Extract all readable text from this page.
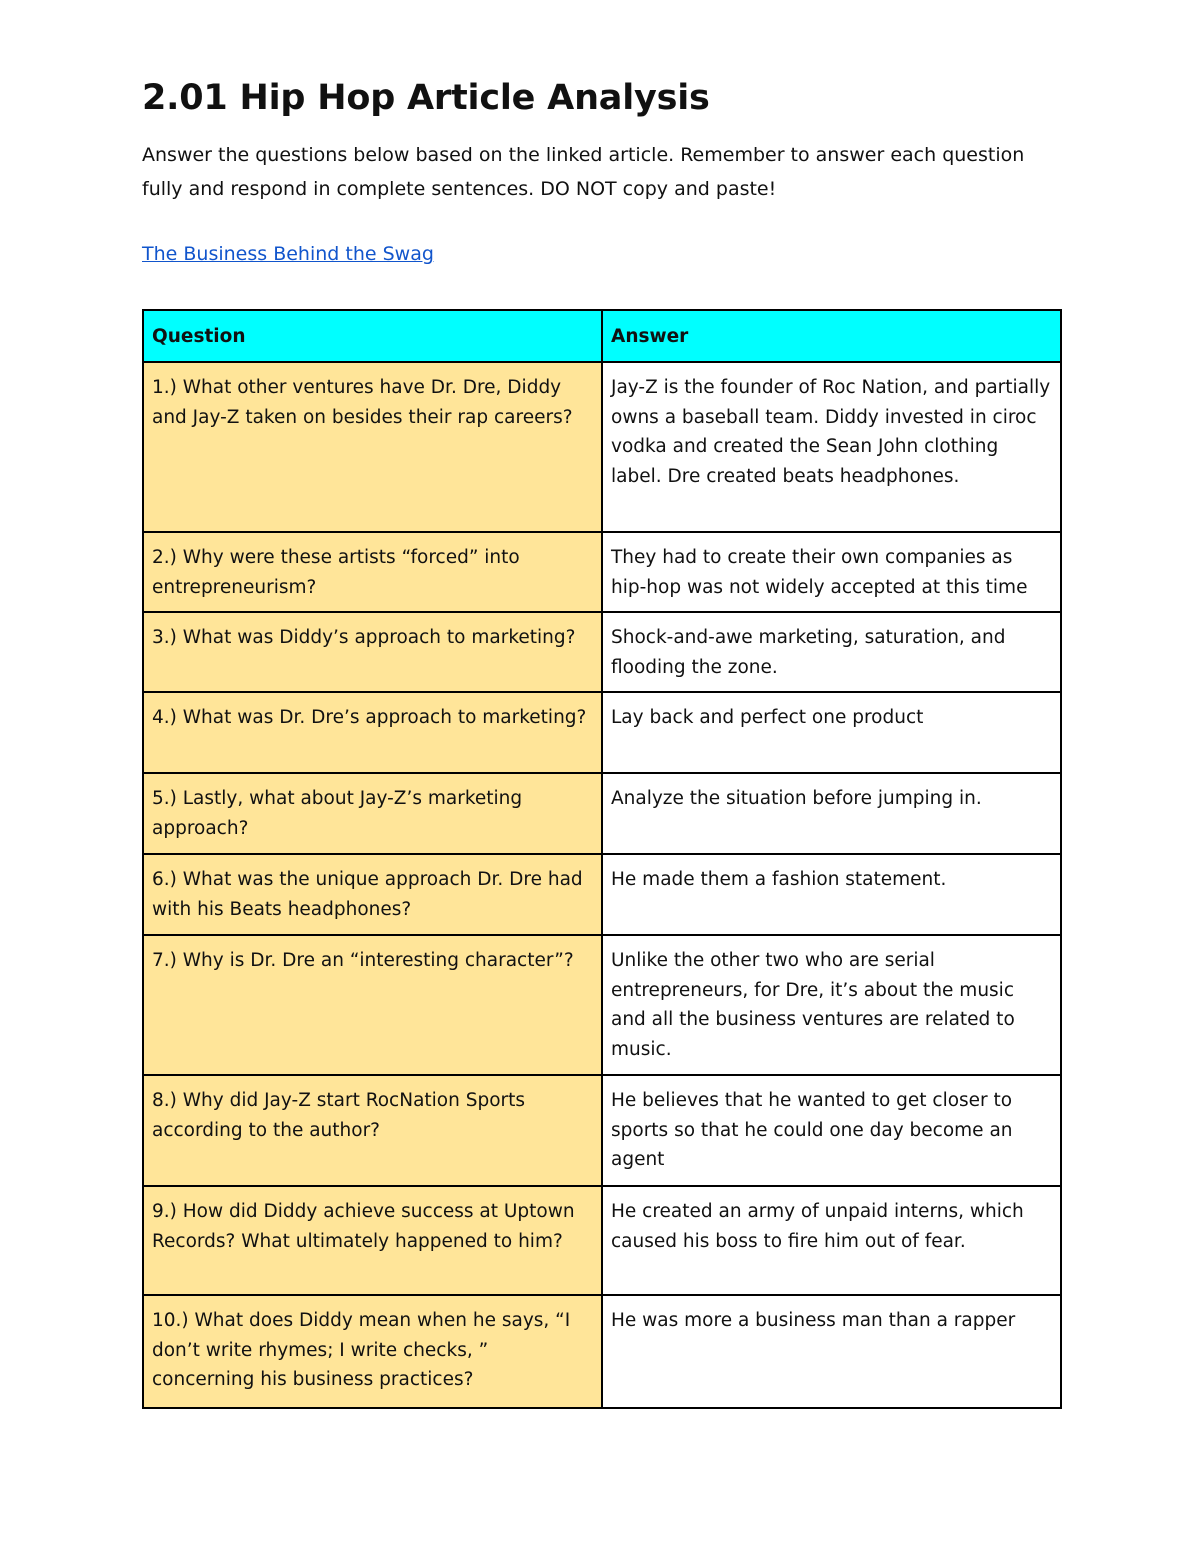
2.01 Hip Hop Article Analysis

Answer the questions below based on the linked article. Remember to answer each question fully and respond in complete sentences. DO NOT copy and paste!

The Business Behind the Swag
Question	Answer
1.) What other ventures have Dr. Dre, Diddy and Jay-Z taken on besides their rap careers?	Jay-Z is the founder of Roc Nation, and partially owns a baseball team. Diddy invested in ciroc vodka and created the Sean John clothing label. Dre created beats headphones.
2.) Why were these artists “forced” into entrepreneurism?	They had to create their own companies as hip-hop was not widely accepted at this time
3.) What was Diddy’s approach to marketing?	Shock-and-awe marketing, saturation, and flooding the zone.
4.) What was Dr. Dre’s approach to marketing?	Lay back and perfect one product
5.) Lastly, what about Jay-Z’s marketing approach?	Analyze the situation before jumping in.
6.) What was the unique approach Dr. Dre had with his Beats headphones?	He made them a fashion statement.
7.) Why is Dr. Dre an “interesting character”?	Unlike the other two who are serial entrepreneurs, for Dre, it’s about the music and all the business ventures are related to music.
8.) Why did Jay-Z start RocNation Sports according to the author?	He believes that he wanted to get closer to sports so that he could one day become an agent
9.) How did Diddy achieve success at Uptown Records? What ultimately happened to him?	He created an army of unpaid interns, which caused his boss to fire him out of fear.
10.) What does Diddy mean when he says, “I don’t write rhymes; I write checks, ” concerning his business practices?	He was more a business man than a rapper
